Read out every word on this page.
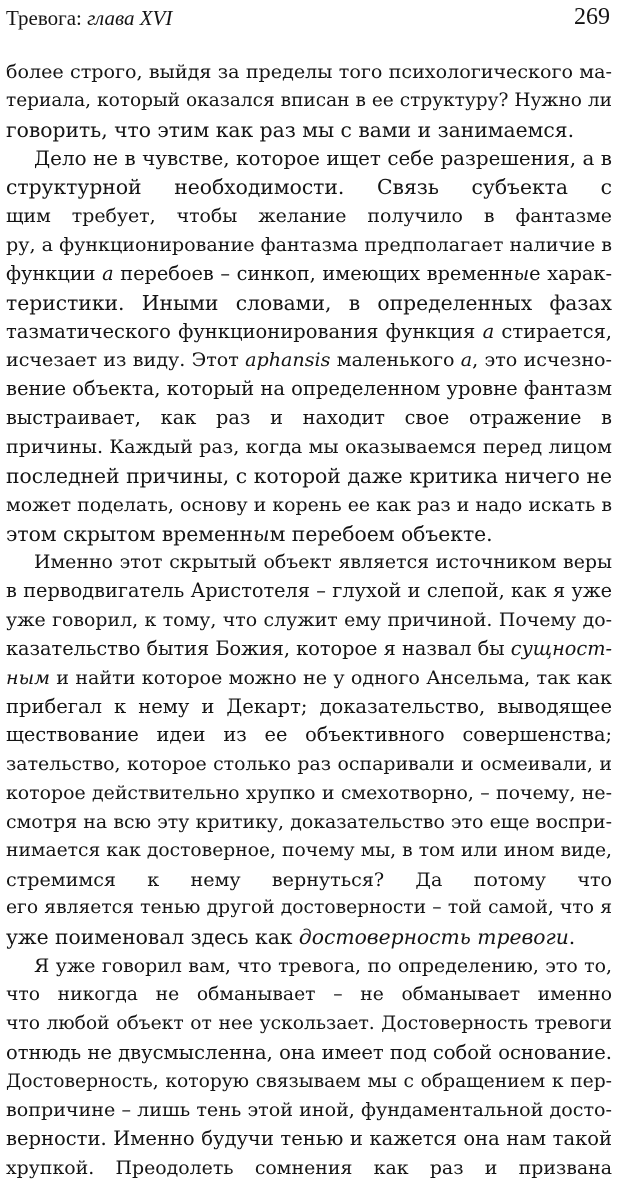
Тревога: глава XVI	269
более строго, выйдя за пределы того психологического ма-
териала, который оказался вписан в ее структуру? Нужно ли
говорить, что этим как раз мы с вами и занимаемся.
Дело не в чувстве, которое ищет себе разрешения, а в
структурной необходимости. Связь субъекта с
щим требует, чтобы желание получило в фантазме
ру, а функционирование фантазма предполагает наличие в
функции а перебоев – синкоп, имеющих временные харак-
теристики. Иными словами, в определенных фазах
тазматического функционирования функция а стирается,
исчезает из виду. Этот aphansis маленького а, это исчезно-
вение объекта, который на определенном уровне фантазм
выстраивает, как раз и находит свое отражение в
причины. Каждый раз, когда мы оказываемся перед лицом
последней причины, с которой даже критика ничего не
может поделать, основу и корень ее как раз и надо искать в
этом скрытом временным перебоем объекте.
Именно этот скрытый объект является источником веры
в перводвигатель Аристотеля – глухой и слепой, как я уже
уже говорил, к тому, что служит ему причиной. Почему до-
казательство бытия Божия, которое я назвал бы сущност-
ным и найти которое можно не у одного Ансельма, так как
прибегал к нему и Декарт; доказательство, выводящее
ществование идеи из ее объективного совершенства;
зательство, которое столько раз оспаривали и осмеивали, и
которое действительно хрупко и смехотворно, – почему, не-
смотря на всю эту критику, доказательство это еще воспри-
нимается как достоверное, почему мы, в том или ином виде,
стремимся к нему вернуться? Да потому что
его является тенью другой достоверности – той самой, что я
уже поименовал здесь как достоверность тревоги.
Я уже говорил вам, что тревога, по определению, это то,
что никогда не обманывает – не обманывает именно
что любой объект от нее ускользает. Достоверность тревоги
отнюдь не двусмысленна, она имеет под собой основание.
Достоверность, которую связываем мы с обращением к пер-
вопричине – лишь тень этой иной, фундаментальной досто-
верности. Именно будучи тенью и кажется она нам такой
хрупкой. Преодолеть сомнения как раз и призвана
